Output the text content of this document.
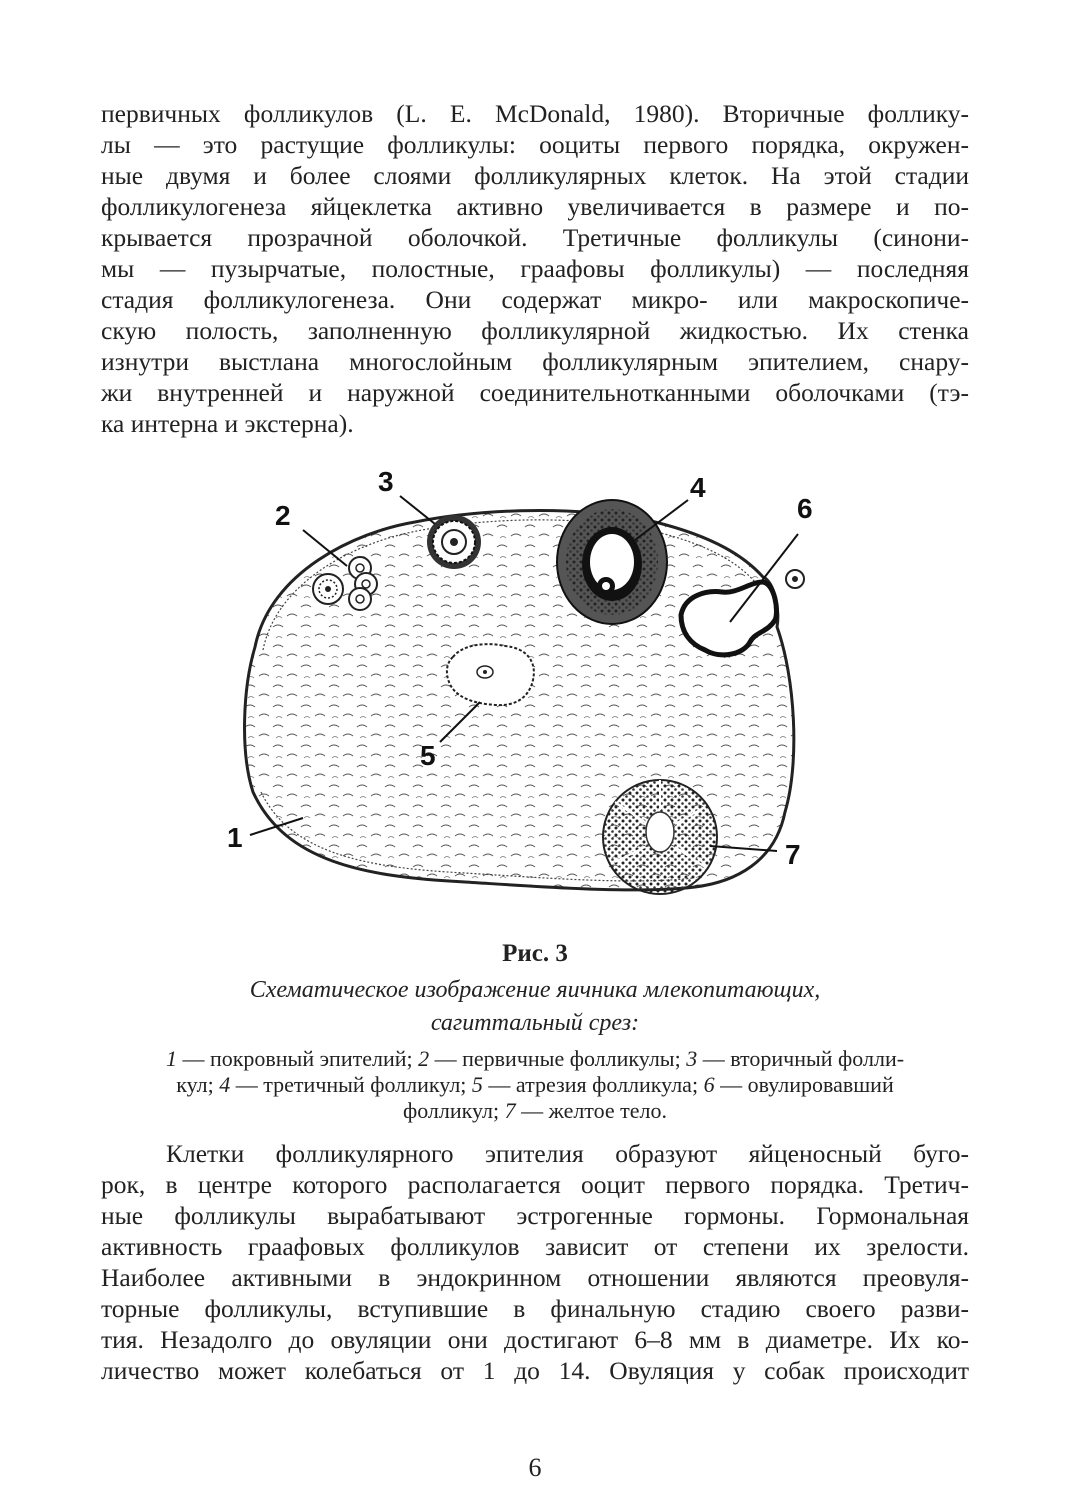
первичных фолликулов (L. E. McDonald, 1980). Вторичные фоллику-
лы — это растущие фолликулы: ооциты первого порядка, окружен-
ные двумя и более слоями фолликулярных клеток. На этой стадии
фолликулогенеза яйцеклетка активно увеличивается в размере и по-
крывается прозрачной оболочкой. Третичные фолликулы (синони-
мы — пузырчатые, полостные, граафовы фолликулы) — последняя
стадия фолликулогенеза. Они содержат микро- или макроскопиче-
скую полость, заполненную фолликулярной жидкостью. Их стенка
изнутри выстлана многослойным фолликулярным эпителием, снару-
жи внутренней и наружной соединительнотканными оболочками (тэ-
ка интерна и экстерна).
1
2
3	4
6
5
7
Рис. 3
Схематическое изображение яичника млекопитающих,
сагиттальный срез:
1 — покровный эпителий; 2 — первичные фолликулы; 3 — вторичный фолли-
кул; 4 — третичный фолликул; 5 — атрезия фолликула; 6 — овулировавший
фолликул; 7 — желтое тело.
Клетки фолликулярного эпителия образуют яйценосный буго-
рок, в центре которого располагается ооцит первого порядка. Третич-
ные фолликулы вырабатывают эстрогенные гормоны. Гормональная
активность граафовых фолликулов зависит от степени их зрелости.
Наиболее активными в эндокринном отношении являются преовуля-
торные фолликулы, вступившие в финальную стадию своего разви-
тия. Незадолго до овуляции они достигают 6–8 мм в диаметре. Их ко-
личество может колебаться от 1 до 14. Овуляция у собак происходит
6
